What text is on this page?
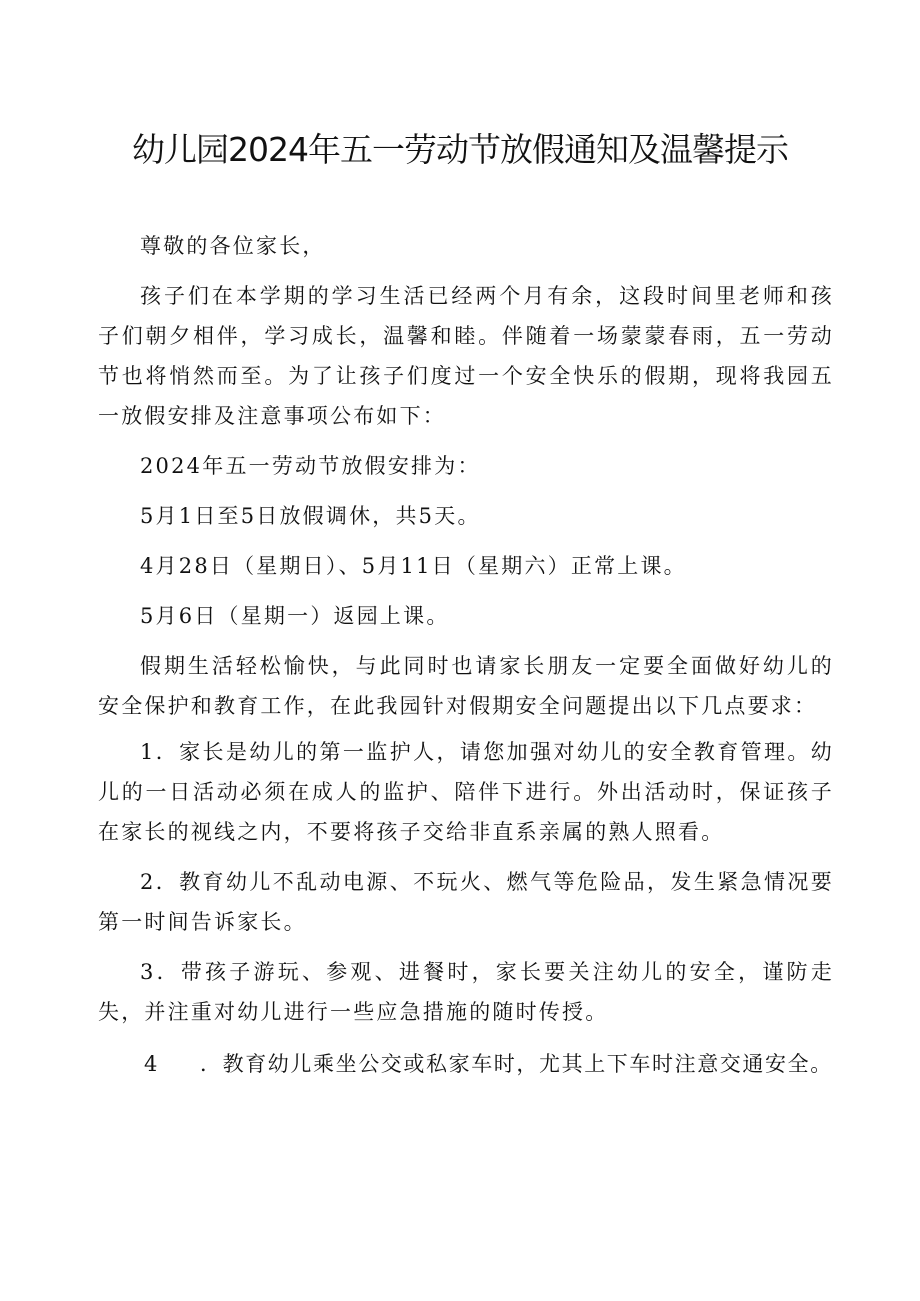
幼儿园2024年五一劳动节放假通知及温馨提示

尊敬的各位家长，

孩子们在本学期的学习生活已经两个月有余，这段时间里老师和孩子们朝夕相伴，学习成长，温馨和睦。伴随着一场蒙蒙春雨，五一劳动节也将悄然而至。为了让孩子们度过一个安全快乐的假期，现将我园五一放假安排及注意事项公布如下：

2024年五一劳动节放假安排为：

5月1日至5日放假调休，共5天。

4月28日（星期日）、5月11日（星期六）正常上课。

5月6日（星期一）返园上课。

假期生活轻松愉快，与此同时也请家长朋友一定要全面做好幼儿的安全保护和教育工作，在此我园针对假期安全问题提出以下几点要求：

1．家长是幼儿的第一监护人，请您加强对幼儿的安全教育管理。幼儿的一日活动必须在成人的监护、陪伴下进行。外出活动时，保证孩子在家长的视线之内，不要将孩子交给非直系亲属的熟人照看。

2．教育幼儿不乱动电源、不玩火、燃气等危险品，发生紧急情况要第一时间告诉家长。

3．带孩子游玩、参观、进餐时，家长要关注幼儿的安全，谨防走失，并注重对幼儿进行一些应急措施的随时传授。

4 ．教育幼儿乘坐公交或私家车时，尤其上下车时注意交通安全。
